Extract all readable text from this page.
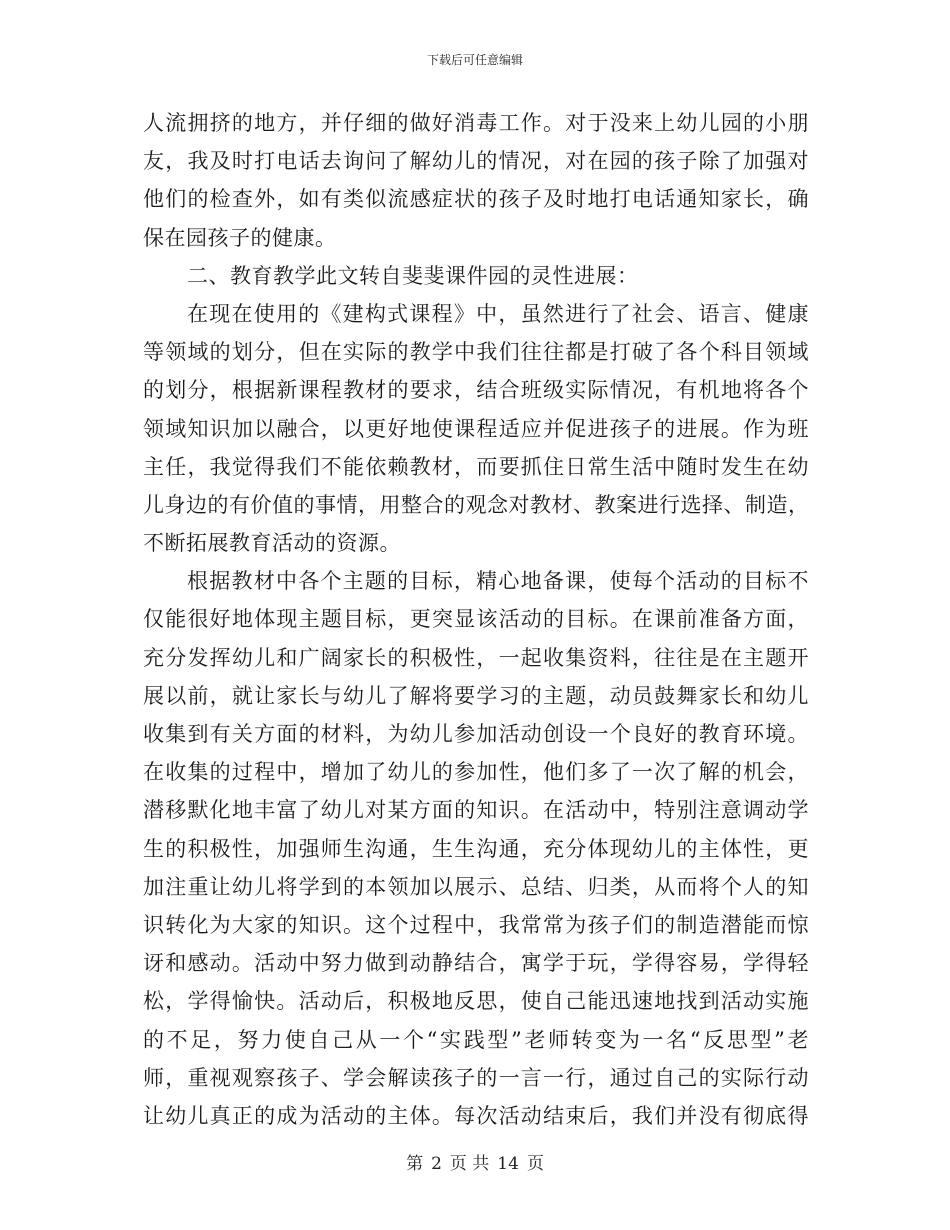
下载后可任意编辑
人流拥挤的地方，并仔细的做好消毒工作。对于没来上幼儿园的小朋
友，我及时打电话去询问了解幼儿的情况，对在园的孩子除了加强对
他们的检查外，如有类似流感症状的孩子及时地打电话通知家长，确
保在园孩子的健康。
二、教育教学此文转自斐斐课件园的灵性进展：
在现在使用的《建构式课程》中，虽然进行了社会、语言、健康
等领域的划分，但在实际的教学中我们往往都是打破了各个科目领域
的划分，根据新课程教材的要求，结合班级实际情况，有机地将各个
领域知识加以融合，以更好地使课程适应并促进孩子的进展。作为班
主任，我觉得我们不能依赖教材，而要抓住日常生活中随时发生在幼
儿身边的有价值的事情，用整合的观念对教材、教案进行选择、制造，
不断拓展教育活动的资源。
根据教材中各个主题的目标，精心地备课，使每个活动的目标不
仅能很好地体现主题目标，更突显该活动的目标。在课前准备方面，
充分发挥幼儿和广阔家长的积极性，一起收集资料，往往是在主题开
展以前，就让家长与幼儿了解将要学习的主题，动员鼓舞家长和幼儿
收集到有关方面的材料，为幼儿参加活动创设一个良好的教育环境。
在收集的过程中，增加了幼儿的参加性，他们多了一次了解的机会，
潜移默化地丰富了幼儿对某方面的知识。在活动中，特别注意调动学
生的积极性，加强师生沟通，生生沟通，充分体现幼儿的主体性，更
加注重让幼儿将学到的本领加以展示、总结、归类，从而将个人的知
识转化为大家的知识。这个过程中，我常常为孩子们的制造潜能而惊
讶和感动。活动中努力做到动静结合，寓学于玩，学得容易，学得轻
松，学得愉快。活动后，积极地反思，使自己能迅速地找到活动实施
的不足，努力使自己从一个“实践型”老师转变为一名“反思型”老
师，重视观察孩子、学会解读孩子的一言一行，通过自己的实际行动
让幼儿真正的成为活动的主体。每次活动结束后，我们并没有彻底得
第 2 页 共 14 页
